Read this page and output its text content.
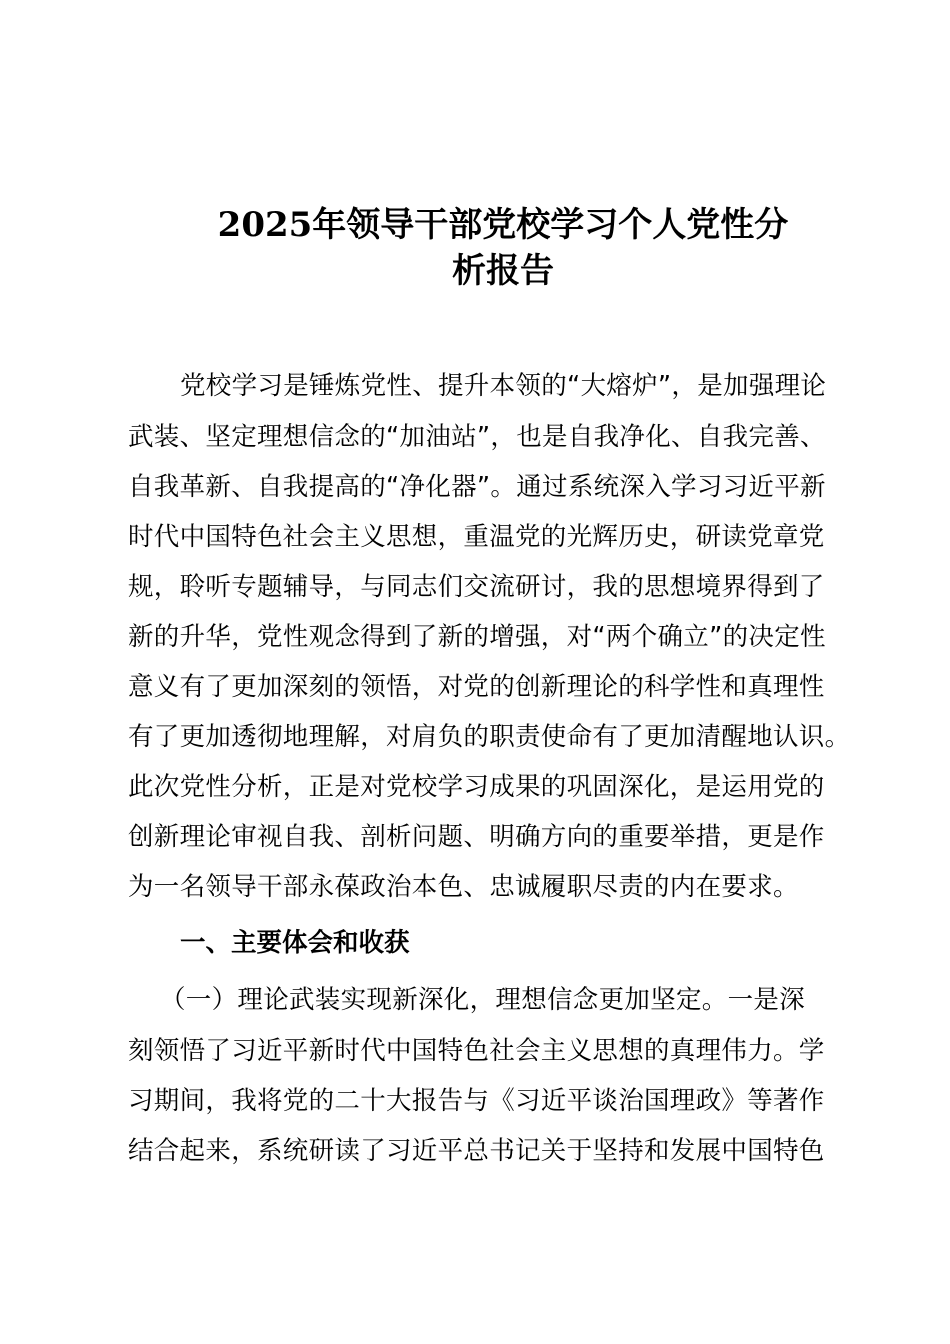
2025年领导干部党校学习个人党性分
析报告
党校学习是锤炼党性、提升本领的“大熔炉”，是加强理论
武装、坚定理想信念的“加油站”，也是自我净化、自我完善、
自我革新、自我提高的“净化器”。通过系统深入学习习近平新
时代中国特色社会主义思想，重温党的光辉历史，研读党章党
规，聆听专题辅导，与同志们交流研讨，我的思想境界得到了
新的升华，党性观念得到了新的增强，对“两个确立”的决定性
意义有了更加深刻的领悟，对党的创新理论的科学性和真理性
有了更加透彻地理解，对肩负的职责使命有了更加清醒地认识。
此次党性分析，正是对党校学习成果的巩固深化，是运用党的
创新理论审视自我、剖析问题、明确方向的重要举措，更是作
为一名领导干部永葆政治本色、忠诚履职尽责的内在要求。
一、主要体会和收获
（一）理论武装实现新深化，理想信念更加坚定。一是深
刻领悟了习近平新时代中国特色社会主义思想的真理伟力。学
习期间，我将党的二十大报告与《习近平谈治国理政》等著作
结合起来，系统研读了习近平总书记关于坚持和发展中国特色
